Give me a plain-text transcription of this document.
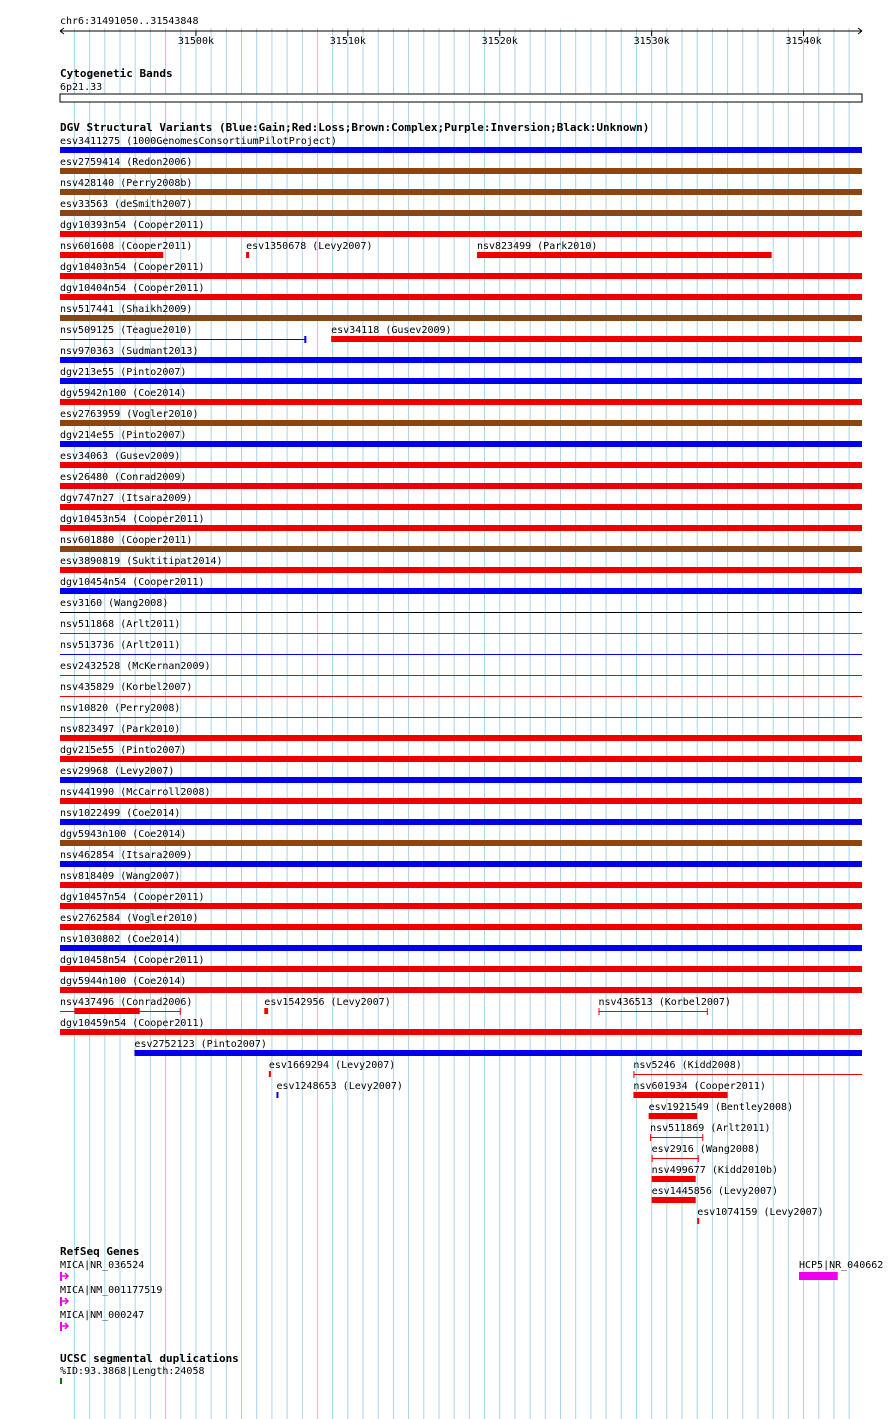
chr6:31491050..31543848
31500k	31510k	31520k	31530k	31540k
Cytogenetic Bands
6p21.33
DGV Structural Variants (Blue:Gain;Red:Loss;Brown:Complex;Purple:Inversion;Black:Unknown)
esv3411275 (1000GenomesConsortiumPilotProject)
esv2759414 (Redon2006)
nsv428140 (Perry2008b)
esv33563 (deSmith2007)
dgv10393n54 (Cooper2011)
nsv601608 (Cooper2011)	esv1350678 (Levy2007)	nsv823499 (Park2010)
dgv10403n54 (Cooper2011)
dgv10404n54 (Cooper2011)
nsv517441 (Shaikh2009)
nsv509125 (Teague2010)	esv34118 (Gusev2009)
nsv970363 (Sudmant2013)
dgv213e55 (Pinto2007)
dgv5942n100 (Coe2014)
esv2763959 (Vogler2010)
dgv214e55 (Pinto2007)
esv34063 (Gusev2009)
esv26480 (Conrad2009)
dgv747n27 (Itsara2009)
dgv10453n54 (Cooper2011)
nsv601880 (Cooper2011)
esv3890819 (Suktitipat2014)
dgv10454n54 (Cooper2011)
esv3160 (Wang2008)
nsv511868 (Arlt2011)
nsv513736 (Arlt2011)
esv2432528 (McKernan2009)
nsv435829 (Korbel2007)
nsv10820 (Perry2008)
nsv823497 (Park2010)
dgv215e55 (Pinto2007)
esv29968 (Levy2007)
nsv441990 (McCarroll2008)
nsv1022499 (Coe2014)
dgv5943n100 (Coe2014)
nsv462854 (Itsara2009)
nsv818409 (Wang2007)
dgv10457n54 (Cooper2011)
esv2762584 (Vogler2010)
nsv1030802 (Coe2014)
dgv10458n54 (Cooper2011)
dgv5944n100 (Coe2014)
nsv437496 (Conrad2006)	esv1542956 (Levy2007)	nsv436513 (Korbel2007)
dgv10459n54 (Cooper2011)
esv2752123 (Pinto2007)
esv1669294 (Levy2007)	nsv5246 (Kidd2008)
esv1248653 (Levy2007)	nsv601934 (Cooper2011)
esv1921549 (Bentley2008)
nsv511869 (Arlt2011)
esv2916 (Wang2008)
nsv499677 (Kidd2010b)
esv1445856 (Levy2007)
esv1074159 (Levy2007)
RefSeq Genes
MICA|NR_036524
MICA|NM_001177519
MICA|NM_000247
HCP5|NR_040662
UCSC segmental duplications
%ID:93.3868|Length:24058
